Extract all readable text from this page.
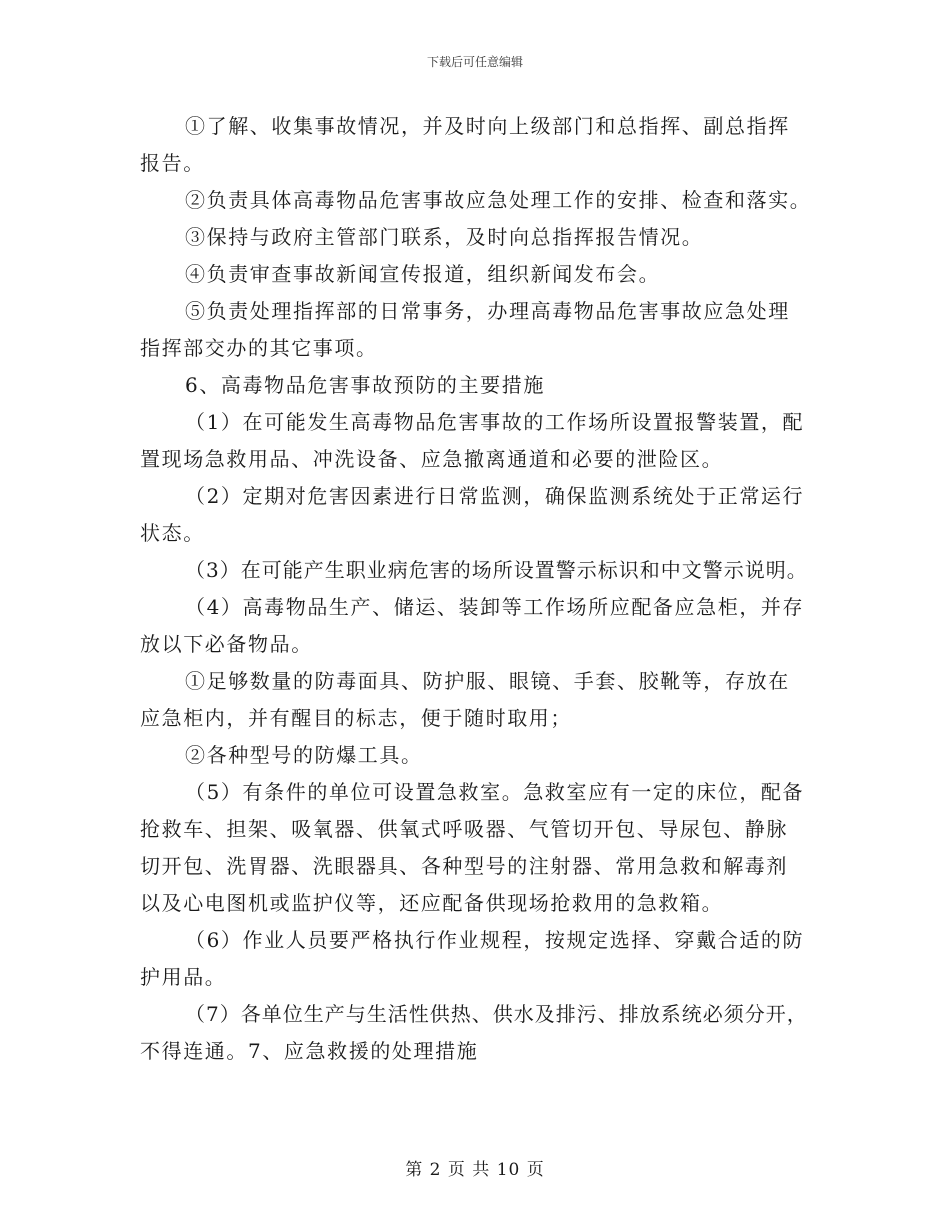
下载后可任意编辑
①了解、收集事故情况，并及时向上级部门和总指挥、副总指挥
报告。
②负责具体高毒物品危害事故应急处理工作的安排、检查和落实。
③保持与政府主管部门联系，及时向总指挥报告情况。
④负责审查事故新闻宣传报道，组织新闻发布会。
⑤负责处理指挥部的日常事务，办理高毒物品危害事故应急处理
指挥部交办的其它事项。
6、高毒物品危害事故预防的主要措施
（1）在可能发生高毒物品危害事故的工作场所设置报警装置，配
置现场急救用品、冲洗设备、应急撤离通道和必要的泄险区。
（2）定期对危害因素进行日常监测，确保监测系统处于正常运行
状态。
（3）在可能产生职业病危害的场所设置警示标识和中文警示说明。
（4）高毒物品生产、储运、装卸等工作场所应配备应急柜，并存
放以下必备物品。
①足够数量的防毒面具、防护服、眼镜、手套、胶靴等，存放在
应急柜内，并有醒目的标志，便于随时取用；
②各种型号的防爆工具。
（5）有条件的单位可设置急救室。急救室应有一定的床位，配备
抢救车、担架、吸氧器、供氧式呼吸器、气管切开包、导尿包、静脉
切开包、洗胃器、洗眼器具、各种型号的注射器、常用急救和解毒剂
以及心电图机或监护仪等，还应配备供现场抢救用的急救箱。
（6）作业人员要严格执行作业规程，按规定选择、穿戴合适的防
护用品。
（7）各单位生产与生活性供热、供水及排污、排放系统必须分开，
不得连通。7、应急救援的处理措施
第 2 页 共 10 页
